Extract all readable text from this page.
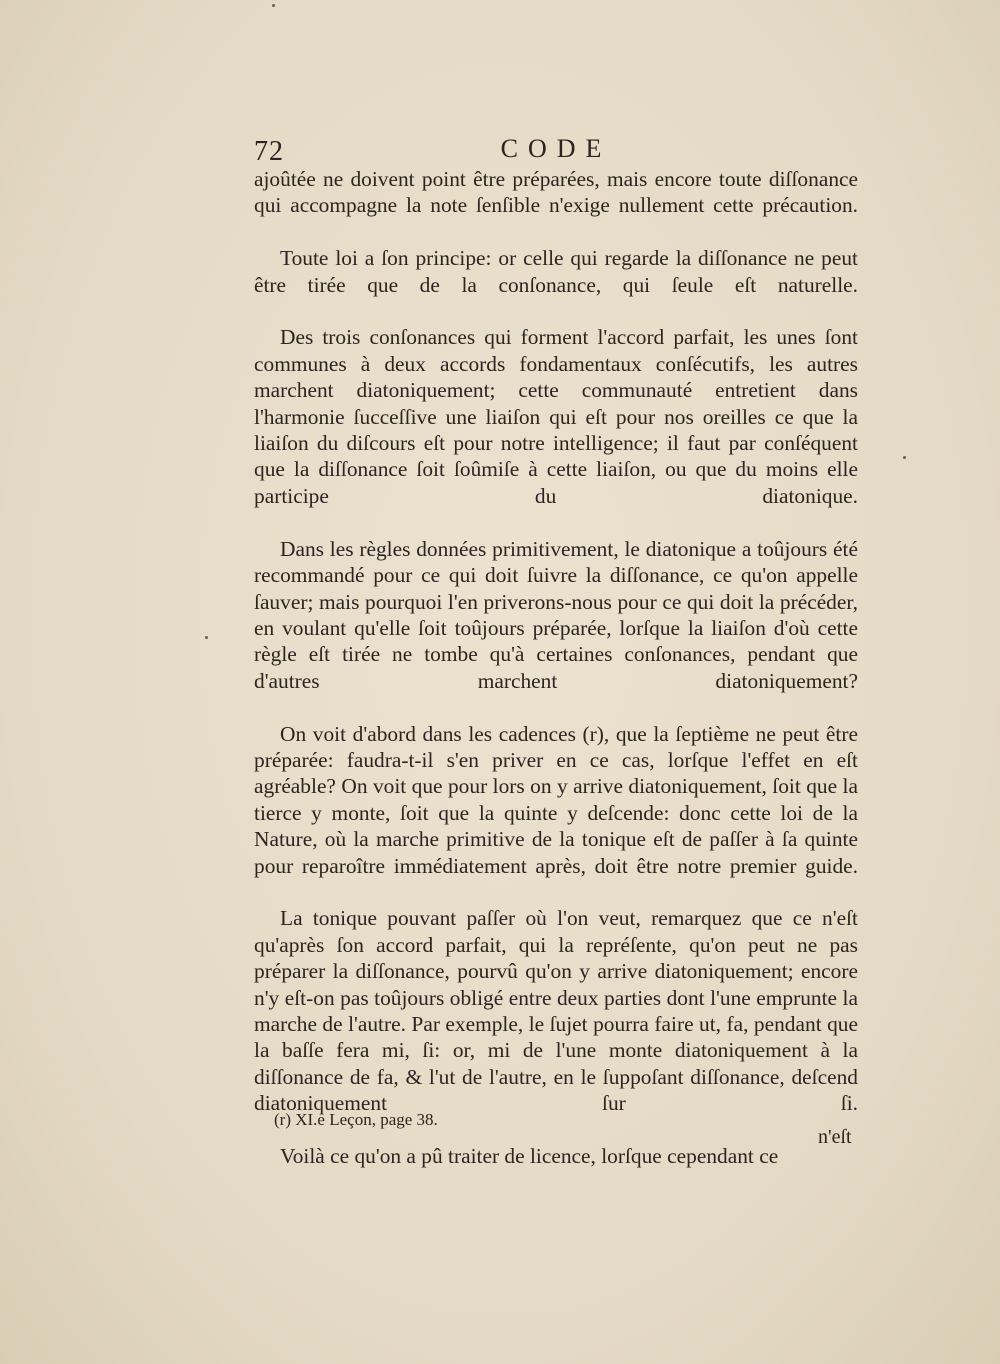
72	CODE

ajoûtée ne doivent point être préparées, mais encore toute diſſonance qui accompagne la note ſenſible n'exige nullement cette précaution.

Toute loi a ſon principe: or celle qui regarde la diſſonance ne peut être tirée que de la conſonance, qui ſeule eſt naturelle.

Des trois conſonances qui forment l'accord parfait, les unes ſont communes à deux accords fondamentaux conſécutifs, les autres marchent diatoniquement; cette communauté entretient dans l'harmonie ſucceſſive une liaiſon qui eſt pour nos oreilles ce que la liaiſon du diſcours eſt pour notre intelligence; il faut par conſéquent que la diſſonance ſoit ſoûmiſe à cette liaiſon, ou que du moins elle participe du diatonique.

Dans les règles données primitivement, le diatonique a toûjours été recommandé pour ce qui doit ſuivre la diſſonance, ce qu'on appelle ſauver; mais pourquoi l'en priverons-nous pour ce qui doit la précéder, en voulant qu'elle ſoit toûjours préparée, lorſque la liaiſon d'où cette règle eſt tirée ne tombe qu'à certaines conſonances, pendant que d'autres marchent diatoniquement?

On voit d'abord dans les cadences (r), que la ſeptième ne peut être préparée: faudra-t-il s'en priver en ce cas, lorſque l'effet en eſt agréable? On voit que pour lors on y arrive diatoniquement, ſoit que la tierce y monte, ſoit que la quinte y deſcende: donc cette loi de la Nature, où la marche primitive de la tonique eſt de paſſer à ſa quinte pour reparoître immédiatement après, doit être notre premier guide.

La tonique pouvant paſſer où l'on veut, remarquez que ce n'eſt qu'après ſon accord parfait, qui la repréſente, qu'on peut ne pas préparer la diſſonance, pourvû qu'on y arrive diatoniquement; encore n'y eſt-on pas toûjours obligé entre deux parties dont l'une emprunte la marche de l'autre. Par exemple, le ſujet pourra faire ut, fa, pendant que la baſſe fera mi, ſi: or, mi de l'une monte diatoniquement à la diſſonance de fa, & l'ut de l'autre, en le ſuppoſant diſſonance, deſcend diatoniquement ſur ſi.

Voilà ce qu'on a pû traiter de licence, lorſque cependant ce

(r) XI.e Leçon, page 38.
n'eſt
